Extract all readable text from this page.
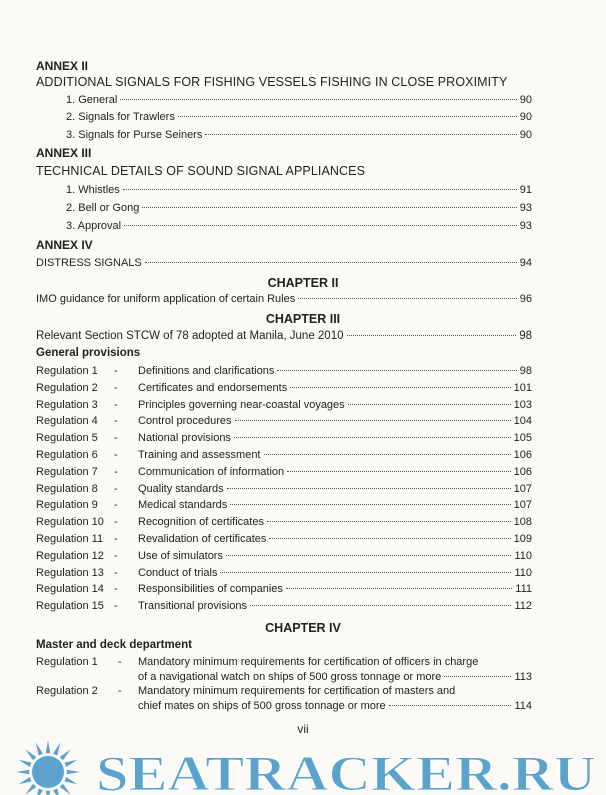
ANNEX II
ADDITIONAL SIGNALS FOR FISHING VESSELS FISHING IN CLOSE PROXIMITY
1. General	90
2. Signals for Trawlers	90
3. Signals for Purse Seiners	90
ANNEX III
TECHNICAL DETAILS OF SOUND SIGNAL APPLIANCES
1. Whistles	91
2. Bell or Gong	93
3. Approval	93
ANNEX IV
DISTRESS SIGNALS	94
CHAPTER II
IMO guidance for uniform application of certain Rules	96
CHAPTER III
Relevant Section STCW of 78 adopted at Manila, June 2010	98
General provisions
Regulation 1	-	Definitions and clarifications	98
Regulation 2	-	Certificates and endorsements	101
Regulation 3	-	Principles governing near-coastal voyages	103
Regulation 4	-	Control procedures	104
Regulation 5	-	National provisions	105
Regulation 6	-	Training and assessment	106
Regulation 7	-	Communication of information	106
Regulation 8	-	Quality standards	107
Regulation 9	-	Medical standards	107
Regulation 10 -	Recognition of certificates	108
Regulation 11 -	Revalidation of certificates	109
Regulation 12 -	Use of simulators	110
Regulation 13 -	Conduct of trials	110
Regulation 14 -	Responsibilities of companies	111
Regulation 15 -	Transitional provisions	112
CHAPTER IV
Master and deck department
Regulation 1 - Mandatory minimum requirements for certification of officers in charge
of a navigational watch on ships of 500 gross tonnage or more	113
Regulation 2 - Mandatory minimum requirements for certification of masters and
chief mates on ships of 500 gross tonnage or more	114
vii
SEATRACKER.RU
